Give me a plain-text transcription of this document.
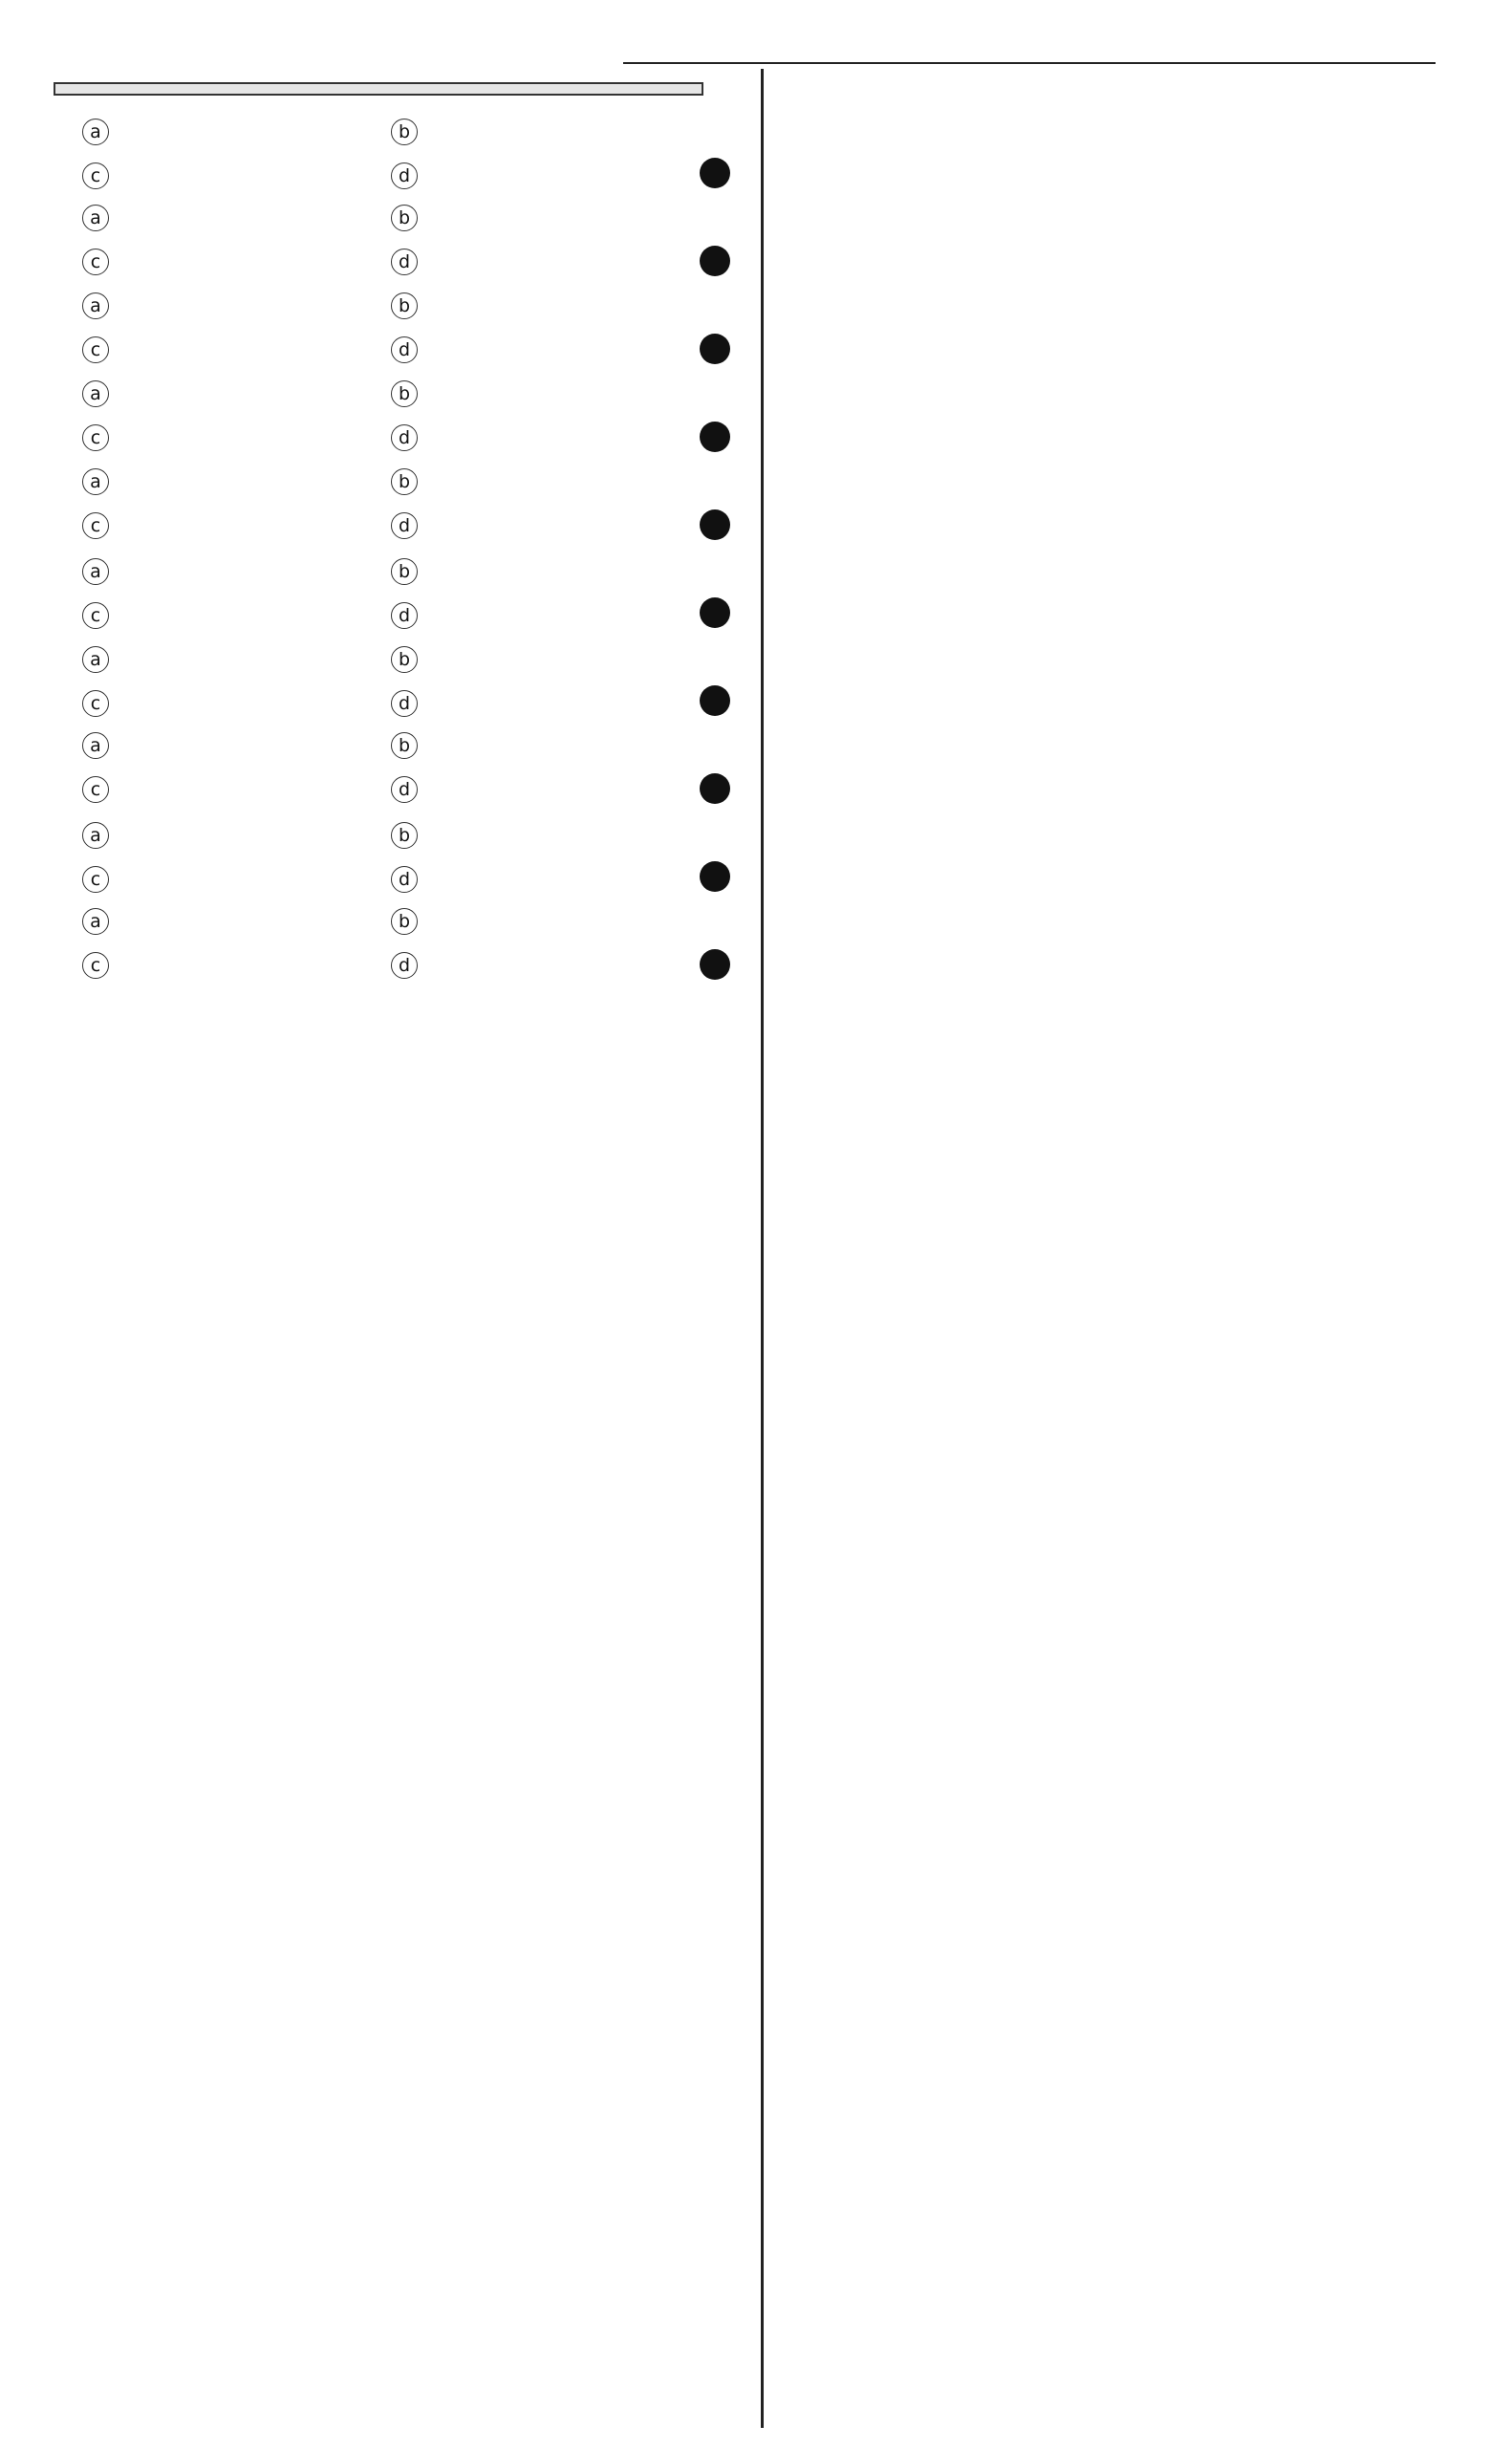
a	b
c	d
a	b
c	d
a	b
c	d
a	b
c	d
a	b
c	d
a	b
c	d
a	b
c	d
a	b
c	d
a	b
c	d
a	b
c	d
